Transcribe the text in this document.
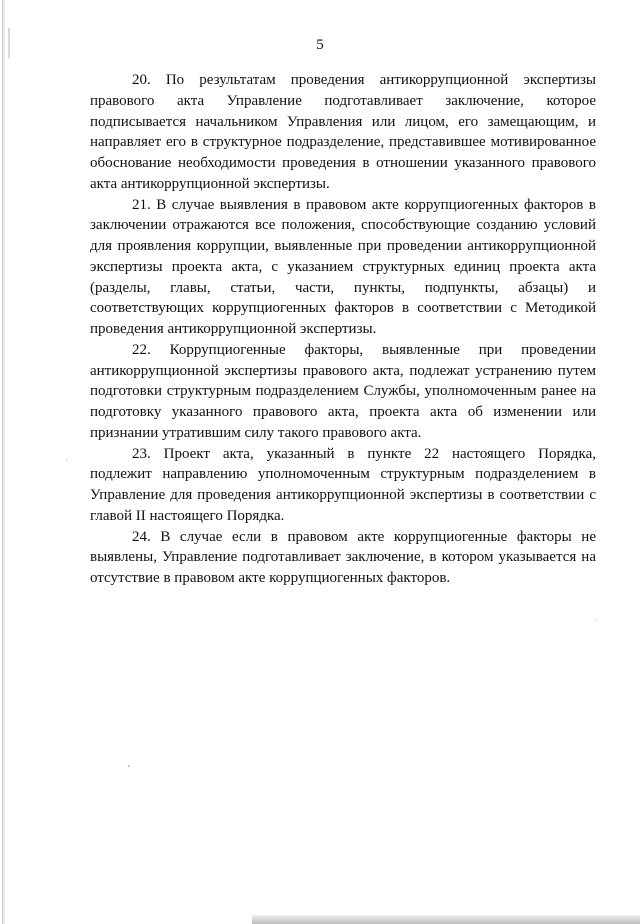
5

20. По результатам проведения антикоррупционной экспертизы
правового акта Управление подготавливает заключение, которое
подписывается начальником Управления или лицом, его замещающим, и
направляет его в структурное подразделение, представившее мотивированное
обоснование необходимости проведения в отношении указанного правового
акта антикоррупционной экспертизы.

21. В случае выявления в правовом акте коррупциогенных факторов в
заключении отражаются все положения, способствующие созданию условий
для проявления коррупции, выявленные при проведении антикоррупционной
экспертизы проекта акта, с указанием структурных единиц проекта акта
(разделы, главы, статьи, части, пункты, подпункты, абзацы) и
соответствующих коррупциогенных факторов в соответствии с Методикой
проведения антикоррупционной экспертизы.

22. Коррупциогенные факторы, выявленные при проведении
антикоррупционной экспертизы правового акта, подлежат устранению путем
подготовки структурным подразделением Службы, уполномоченным ранее на
подготовку указанного правового акта, проекта акта об изменении или
признании утратившим силу такого правового акта.

23. Проект акта, указанный в пункте 22 настоящего Порядка,
подлежит направлению уполномоченным структурным подразделением в
Управление для проведения антикоррупционной экспертизы в соответствии с
главой II настоящего Порядка.

24. В случае если в правовом акте коррупциогенные факторы не
выявлены, Управление подготавливает заключение, в котором указывается на
отсутствие в правовом акте коррупциогенных факторов.
